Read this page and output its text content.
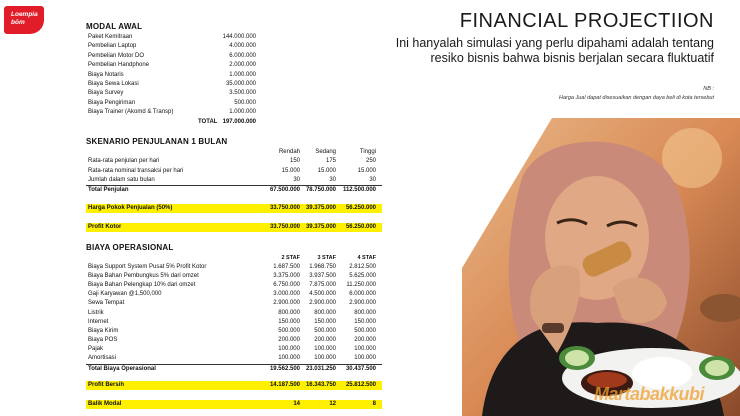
Loempia
bōm	MODAL AWAL
Paket Kemitraan	144.000.000
Pembelian Laptop	4.000.000
Pembelian Motor DO	6.000.000
Pembelian Handphone	2.000.000
Biaya Notaris	1.000.000
Biaya Sewa Lokasi	35.000.000
Biaya Survey	3.500.000
Biaya Pengiriman	500.000
Biaya Trainer (Akomd & Transp)	1.000.000
TOTAL 197.000.000
SKENARIO PENJULANAN 1 BULAN
Rendah	Sedang	Tinggi
Rata-rata penjulan per hari	150	175	250
Rata-rata nominal transaksi per hari	15.000	15.000	15.000
Jumlah dalam satu bulan	30	30	30
Total Penjulan	67.500.000 78.750.000 112.500.000
Harga Pokok Penjualan (50%)	33.750.000 39.375.000 56.250.000
Profit Kotor	33.750.000 39.375.000 56.250.000
BIAYA OPERASIONAL
2 STAF	3 STAF	4 STAF
Biaya Support System Pusat 5% Profit Kotor	1.687.500 1.968.750 2.812.500
Biaya Bahan Pembungkus 5% dari omzet	3.375.000 3.937.500 5.625.000
Biaya Bahan Pelengkap 10% dari omzet	6.750.000 7.875.000 11.250.000
Gaji Karyawan @1,500,000	3.000.000 4.500.000 6.000.000
Sewa Tempat	2.900.000 2.900.000 2.900.000
Listrik	800.000 800.000	800.000
Internet	150.000 150.000	150.000
Biaya Kirim	500.000 500.000	500.000
Biaya POS	200.000 200.000	200.000
Pajak	100.000 100.000	100.000
Amortisasi	100.000 100.000	100.000
Total Biaya Operasional	19.562.500 23.031.250 30.437.500
Profit Bersih	14.187.500 16.343.750 25.812.500
Balik Modal	14	12	8
FINANCIAL PROJECTIION
Ini hanyalah simulasi yang perlu dipahami adalah tentang resiko bisnis bahwa bisnis berjalan secara fluktuatif
NB :
Harga Jual dapat disesuaikan dengan daya beli di kota tersebut
Martabakkubi
